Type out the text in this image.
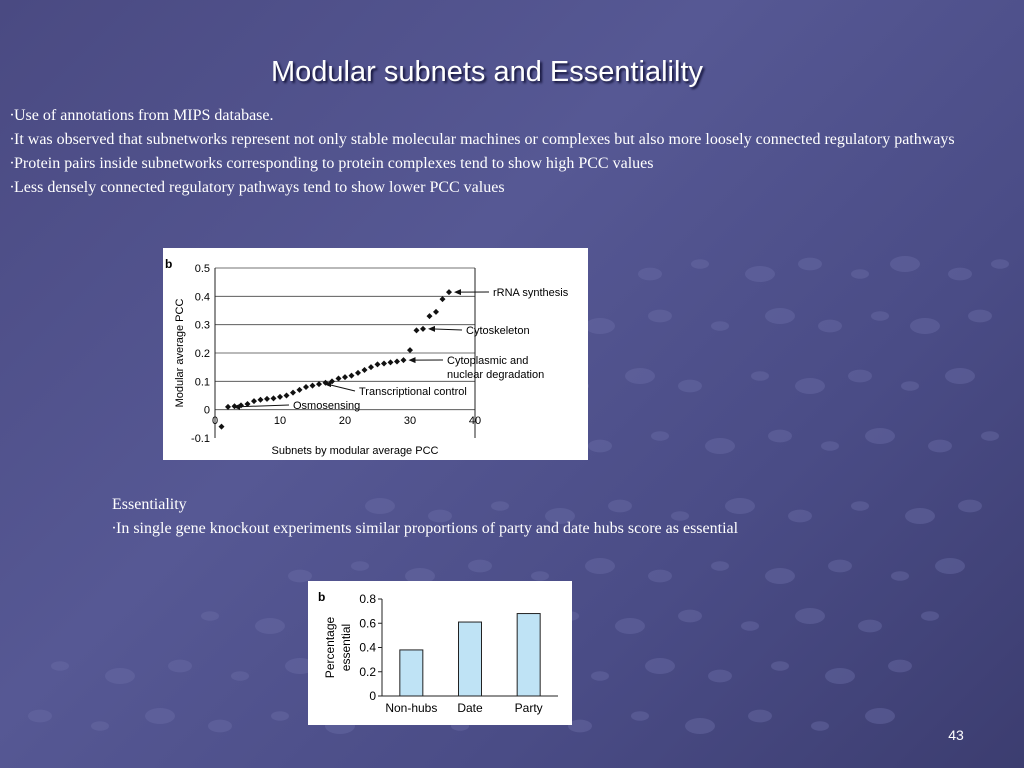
Modular subnets and Essentialilty

∙Use of annotations from MIPS database.

∙It was observed that subnetworks represent not only stable molecular machines or complexes but also more loosely connected regulatory pathways

∙Protein pairs inside subnetworks corresponding to protein complexes tend to show high PCC values

∙Less densely connected regulatory pathways tend to show lower PCC values

b
-0.1
0
0.1
0.2
0.3
0.4
0.5
0	10	20	30	40
Modular average PCC
Subnets by modular average PCC
rRNA synthesis
Cytoskeleton
Cytoplasmic and
nuclear degradation
Transcriptional control
Osmosensing

Essentiality

∙In single gene knockout experiments similar proportions of party and date hubs score as essential

b
0
0.2
0.4
0.6
0.8
Percentage essential
Non-hubs Date	Party
43
